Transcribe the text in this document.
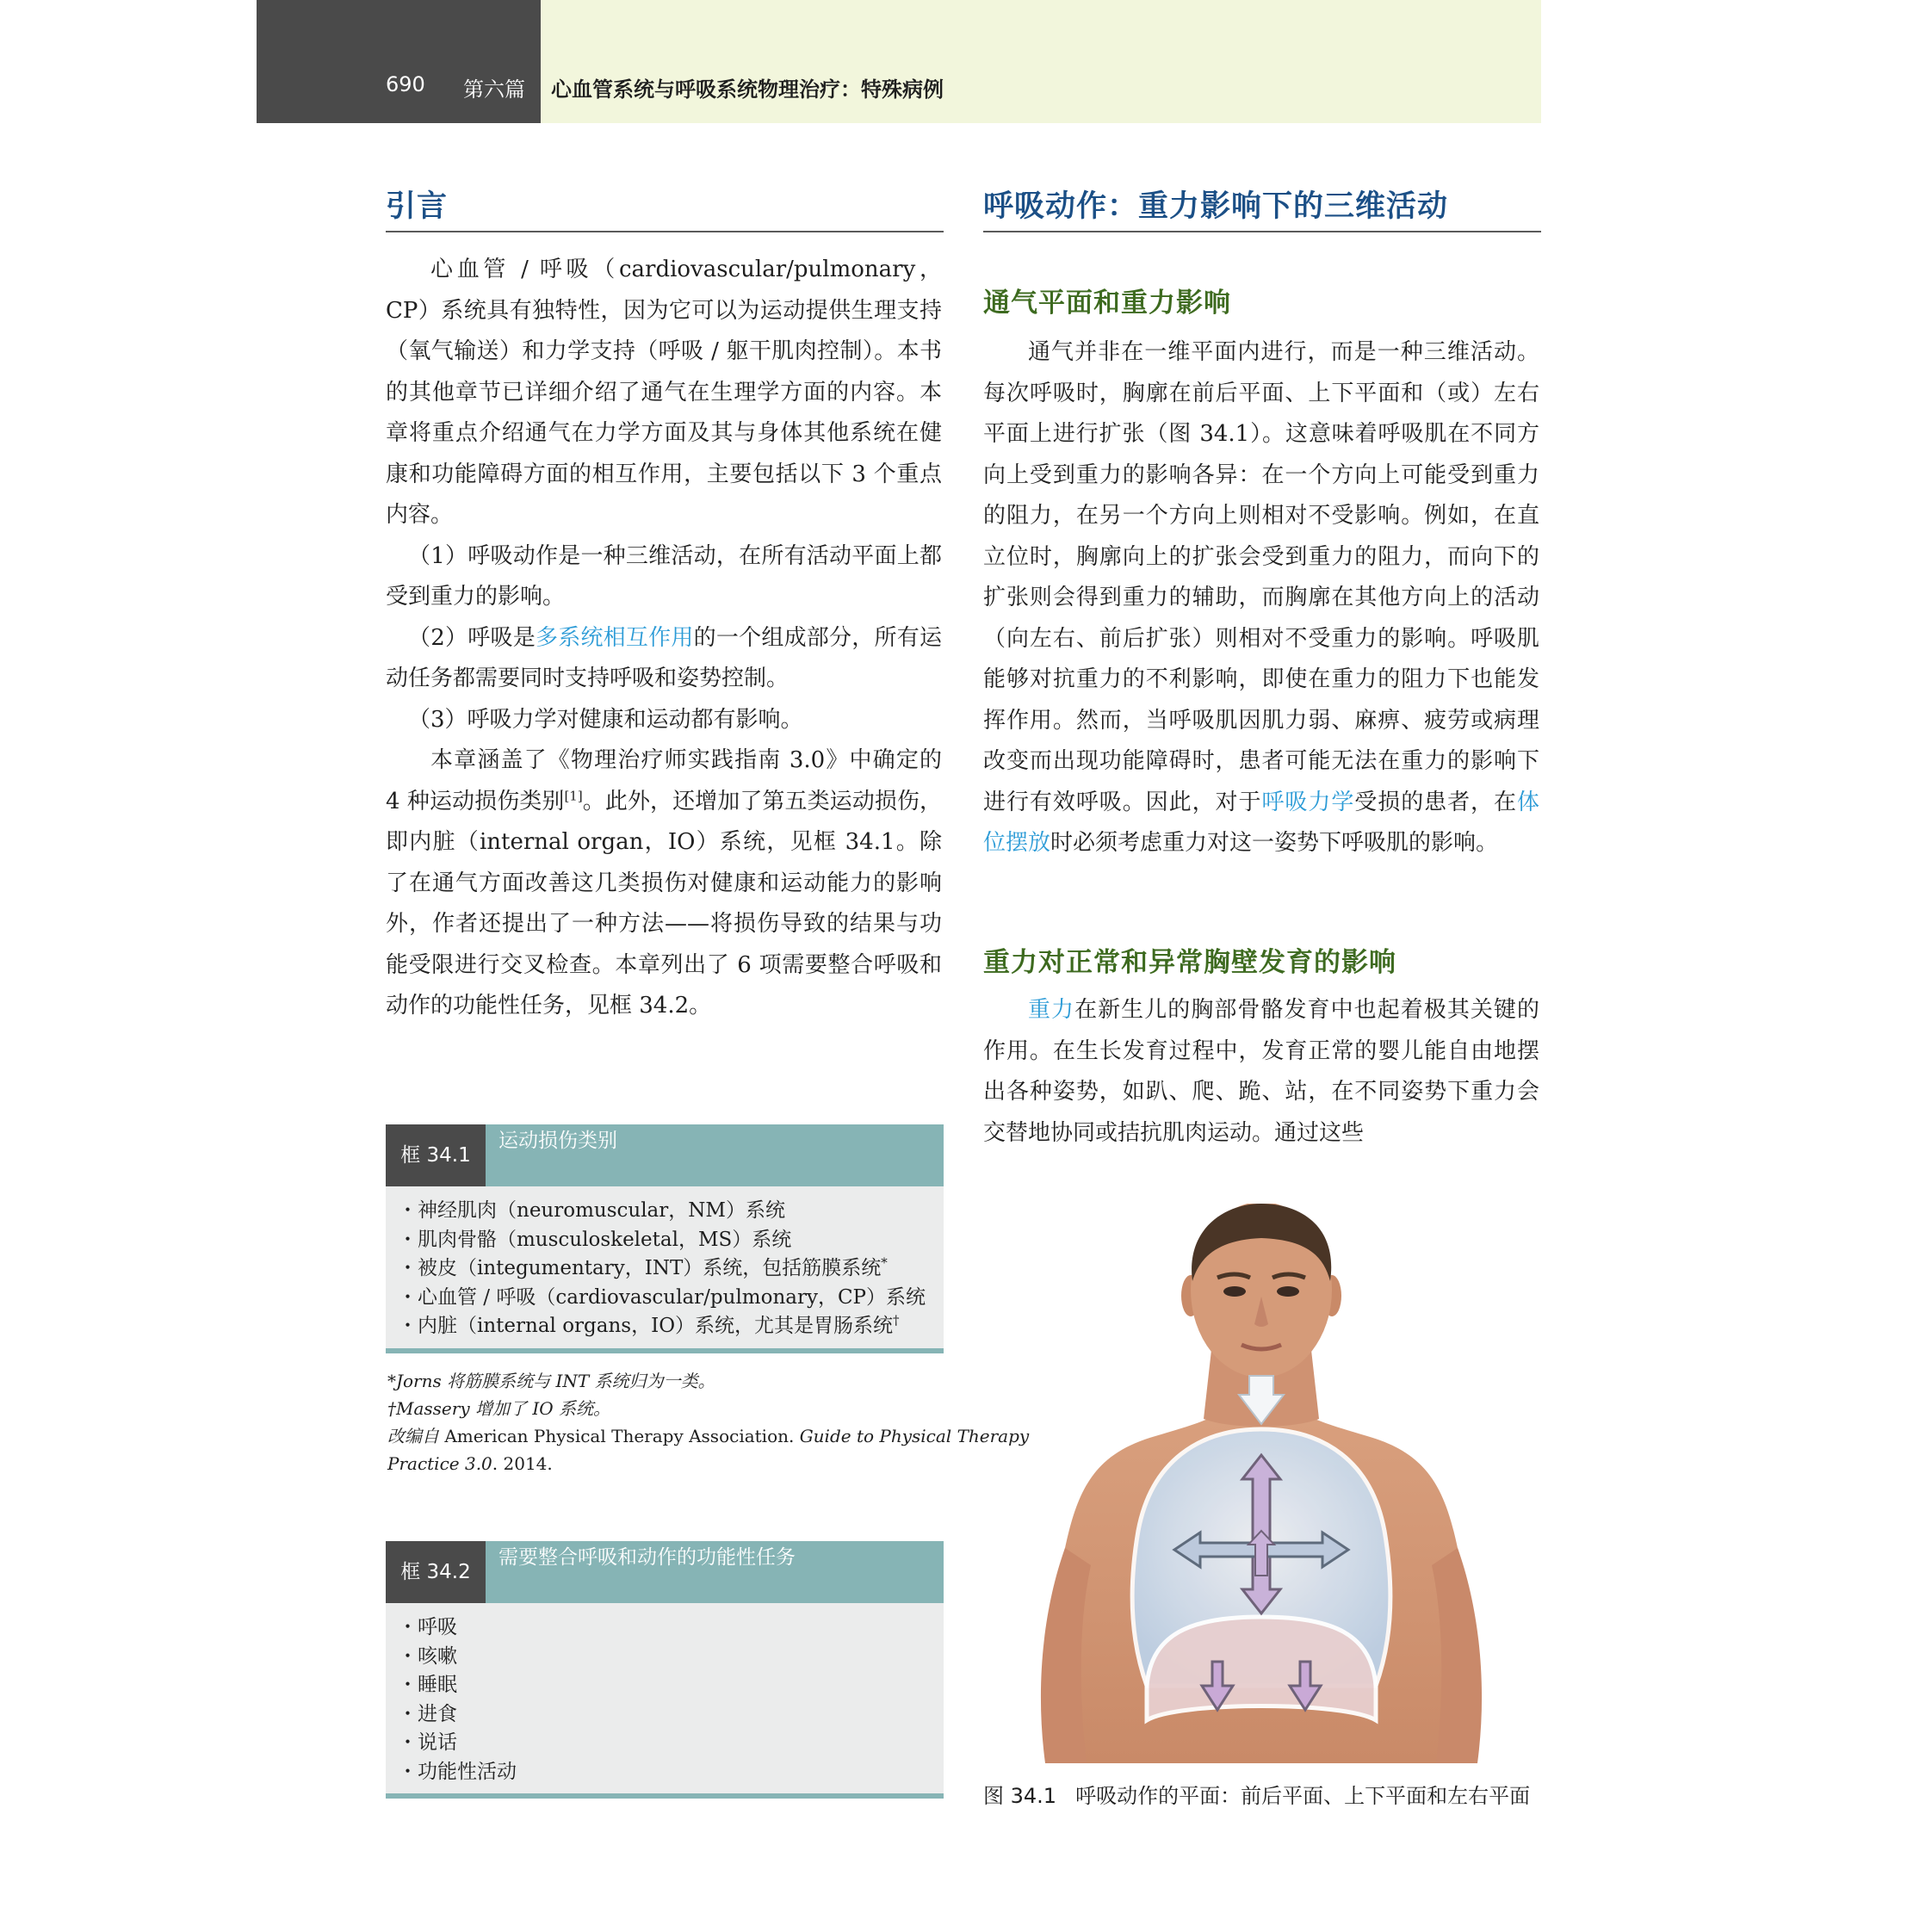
690 第六篇 心血管系统与呼吸系统物理治疗：特殊病例
引言

心血管 / 呼吸（cardiovascular/pulmonary，CP）系统具有独特性，因为它可以为运动提供生理支持（氧气输送）和力学支持（呼吸 / 躯干肌肉控制）。本书的其他章节已详细介绍了通气在生理学方面的内容。本章将重点介绍通气在力学方面及其与身体其他系统在健康和功能障碍方面的相互作用，主要包括以下 3 个重点内容。

（1）呼吸动作是一种三维活动，在所有活动平面上都受到重力的影响。

（2）呼吸是多系统相互作用的一个组成部分，所有运动任务都需要同时支持呼吸和姿势控制。

（3）呼吸力学对健康和运动都有影响。

本章涵盖了《物理治疗师实践指南 3.0》中确定的 4 种运动损伤类别[1]。此外，还增加了第五类运动损伤，即内脏（internal organ，IO）系统，见框 34.1。除了在通气方面改善这几类损伤对健康和运动能力的影响外，作者还提出了一种方法——将损伤导致的结果与功能受限进行交叉检查。本章列出了 6 项需要整合呼吸和动作的功能性任务，见框 34.2。

框 34.1
运动损伤类别
・神经肌肉（neuromuscular，NM）系统
・肌肉骨骼（musculoskeletal，MS）系统
・被皮（integumentary，INT）系统，包括筋膜系统*
・心血管 / 呼吸（cardiovascular/pulmonary，CP）系统
・内脏（internal organs，IO）系统，尤其是胃肠系统†
*Jorns 将筋膜系统与 INT 系统归为一类。
†Massery 增加了 IO 系统。
改编自 American Physical Therapy Association. Guide to Physical Therapy
Practice 3.0. 2014.
框 34.2
需要整合呼吸和动作的功能性任务
・呼吸
・咳嗽
・睡眠
・进食
・说话
・功能性活动
呼吸动作：重力影响下的三维活动
通气平面和重力影响

通气并非在一维平面内进行，而是一种三维活动。每次呼吸时，胸廓在前后平面、上下平面和（或）左右平面上进行扩张（图 34.1）。这意味着呼吸肌在不同方向上受到重力的影响各异：在一个方向上可能受到重力的阻力，在另一个方向上则相对不受影响。例如，在直立位时，胸廓向上的扩张会受到重力的阻力，而向下的扩张则会得到重力的辅助，而胸廓在其他方向上的活动（向左右、前后扩张）则相对不受重力的影响。呼吸肌能够对抗重力的不利影响，即使在重力的阻力下也能发挥作用。然而，当呼吸肌因肌力弱、麻痹、疲劳或病理改变而出现功能障碍时，患者可能无法在重力的影响下进行有效呼吸。因此，对于呼吸力学受损的患者，在体位摆放时必须考虑重力对这一姿势下呼吸肌的影响。

重力对正常和异常胸壁发育的影响

重力在新生儿的胸部骨骼发育中也起着极其关键的作用。在生长发育过程中，发育正常的婴儿能自由地摆出各种姿势，如趴、爬、跪、站，在不同姿势下重力会交替地协同或拮抗肌肉运动。通过这些

图 34.1 呼吸动作的平面：前后平面、上下平面和左右平面
